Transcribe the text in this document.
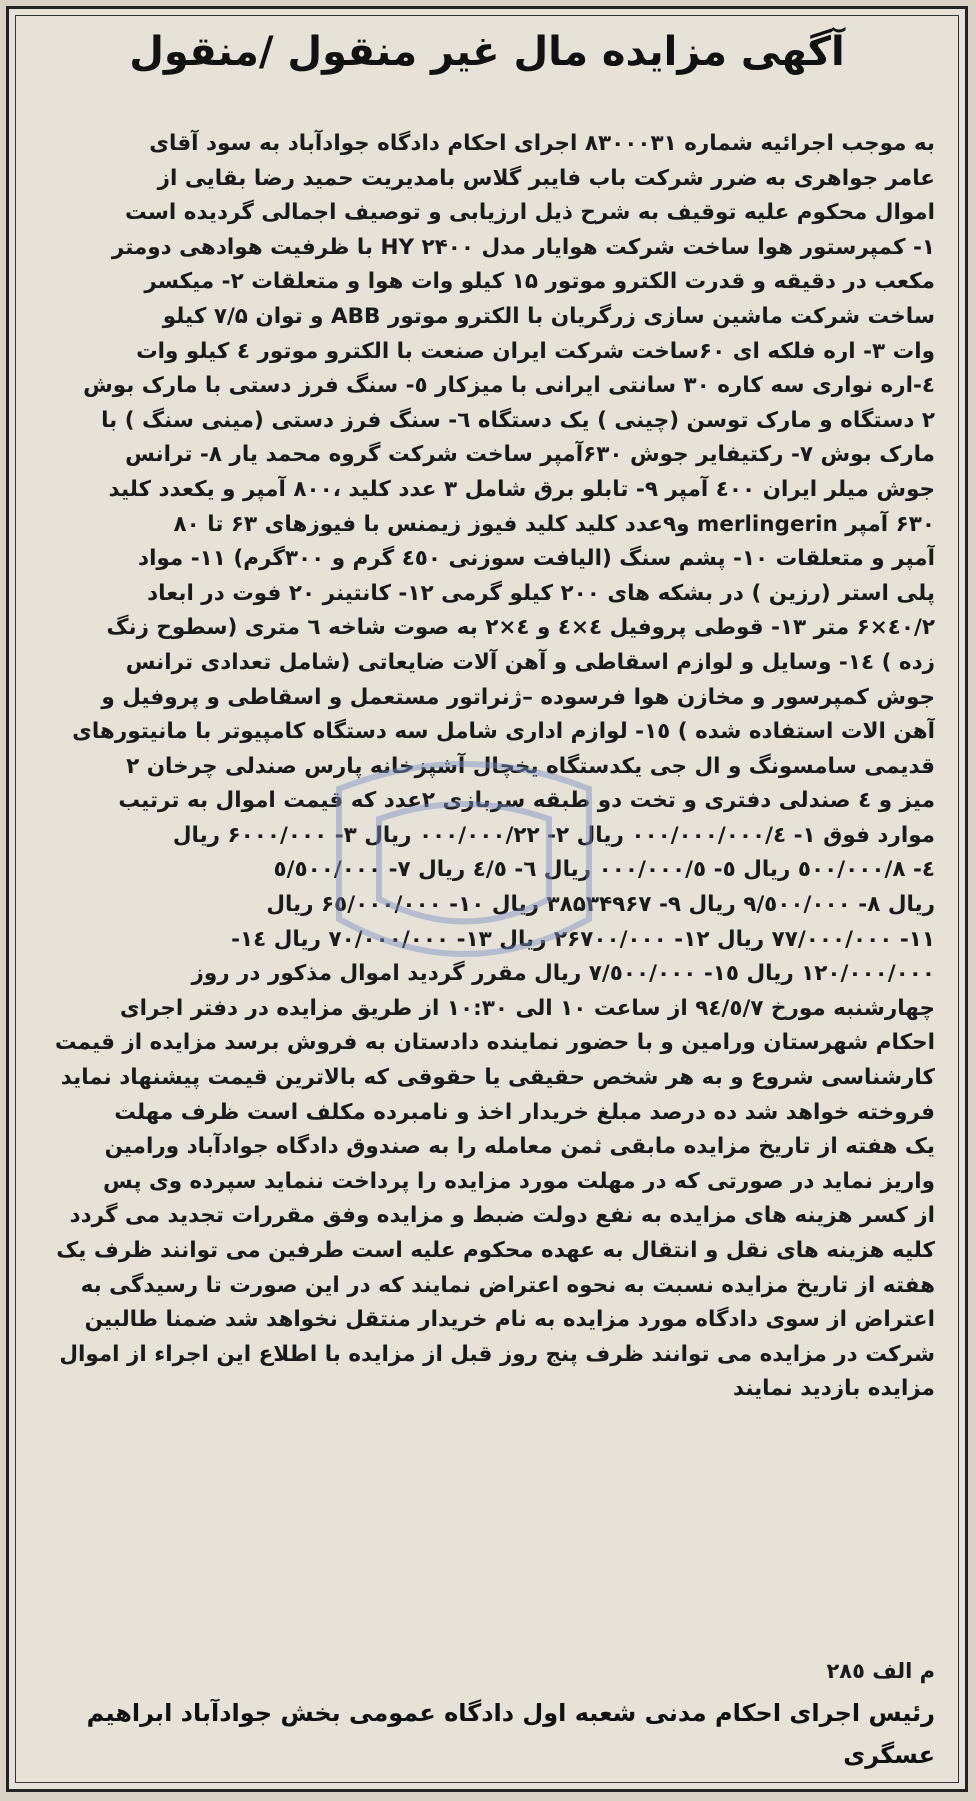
آگهی مزایده مال غیر منقول /منقول
به موجب اجرائیه شماره ۸۳۰۰۰۳۱ اجرای احکام دادگاه جوادآباد به سود آقای
عامر جواهری به ضرر شرکت باب فایبر گلاس بامدیریت حمید رضا بقایی از
اموال محکوم علیه توقیف به شرح ذیل ارزیابی و توصیف اجمالی گردیده است
۱- کمپرستور هوا ساخت شرکت هوایار مدل ۲۴۰۰ HY با ظرفیت هوادهی دومتر
مکعب در دقیقه و قدرت الکترو موتور ۱۵ کیلو وات هوا و متعلقات ۲- میکسر
ساخت شرکت ماشین سازی زرگریان با الکترو موتور ABB و توان ۷/۵ کیلو
وات ۳- اره فلکه ای ۶۰ساخت شرکت ایران صنعت با الکترو موتور ٤ کیلو وات
٤-اره نواری سه کاره ۳۰ سانتی ایرانی با میزکار ٥- سنگ فرز دستی با مارک بوش
۲ دستگاه و مارک توسن (چینی ) یک دستگاه ٦- سنگ فرز دستی (مینی سنگ ) با
مارک بوش ۷- رکتیفایر جوش ۶۳۰آمپر ساخت شرکت گروه محمد یار ۸- ترانس
جوش میلر ایران ٤٠٠ آمپر ٩- تابلو برق شامل ۳ عدد کلید ،۸۰۰ آمپر و یکعدد کلید
۶۳۰ آمپر merlingerin و۹عدد کلید کلید فیوز زیمنس با فیوزهای ۶۳ تا ۸۰
آمپر و متعلقات ۱۰- پشم سنگ (الیافت سوزنی ٤٥٠ گرم و ۳۰۰گرم) ۱۱- مواد
پلی استر (رزین ) در بشکه های ۲۰۰ کیلو گرمی ۱۲- کانتینر ۲۰ فوت در ابعاد
۲/٤٠×۶ متر ۱۳- قوطی پروفیل ٤×٤ و ٤×۲ به صوت شاخه ٦ متری (سطوح زنگ
زده ) ۱٤- وسایل و لوازم اسقاطی و آهن آلات ضایعاتی (شامل تعدادی ترانس
جوش کمپرسور و مخازن هوا فرسوده –ژنراتور مستعمل و اسقاطی و پروفیل و
آهن الات استفاده شده ) ۱٥- لوازم اداری شامل سه دستگاه کامپیوتر با مانیتورهای
قدیمی سامسونگ و ال جی یکدستگاه یخچال آشپزخانه پارس صندلی چرخان ۲
میز و ٤ صندلی دفتری و تخت دو طبقه سربازی ۲عدد که قیمت اموال به ترتیب
موارد فوق ۱- ۰۰۰/۰۰۰/۰۰۰/٤ ریال ۲- ۰۰۰/۰۰۰/۲۲ ریال ۳- ۶۰۰۰/۰۰۰ ریال
٤- ۸/٥۰۰/۰۰۰ ریال ٥- ۰۰۰/۰۰۰/٥ ریال ٦- ٤/٥ ریال ۷- ٥/٥۰۰/۰۰۰
ریال ۸- ۹/٥۰۰/۰۰۰ ریال ۹- ۳۸۵۳۴۹۶۷ ریال ۱۰- ۶٥/۰۰۰/۰۰۰ ریال
۱۱- ۷۷/۰۰۰/۰۰۰ ریال ۱۲- ۲۶۷۰۰/۰۰۰ ریال ۱۳- ۷۰/۰۰۰/۰۰۰ ریال ۱٤-
۱۲۰/۰۰۰/۰۰۰ ریال ۱٥- ۷/٥۰۰/۰۰۰ ریال مقرر گردید اموال مذکور در روز
چهارشنبه مورخ ۹٤/٥/۷ از ساعت ۱۰ الی ۱۰:۳۰ از طریق مزایده در دفتر اجرای
احکام شهرستان ورامین و با حضور نماینده دادستان به فروش برسد مزایده از قیمت
کارشناسی شروع و به هر شخص حقیقی یا حقوقی که بالاترین قیمت پیشنهاد نماید
فروخته خواهد شد ده درصد مبلغ خریدار اخذ و نامبرده مکلف است ظرف مهلت
یک هفته از تاریخ مزایده مابقی ثمن معامله را به صندوق دادگاه جوادآباد ورامین
واریز نماید در صورتی که در مهلت مورد مزایده را پرداخت ننماید سپرده وی پس
از کسر هزینه های مزایده به نفع دولت ضبط و مزایده وفق مقررات تجدید می گردد
کلیه هزینه های نقل و انتقال به عهده محکوم علیه است طرفین می توانند ظرف یک
هفته از تاریخ مزایده نسبت به نحوه اعتراض نمایند که در این صورت تا رسیدگی به
اعتراض از سوی دادگاه مورد مزایده به نام خریدار منتقل نخواهد شد ضمنا طالبین
شرکت در مزایده می توانند ظرف پنج روز قبل از مزایده با اطلاع این اجراء از اموال
مزایده بازدید نمایند
رئیس اجرای احکام مدنی شعبه اول دادگاه عمومی بخش جوادآباد ابراهیم
عسگری
م الف ۲۸٥
